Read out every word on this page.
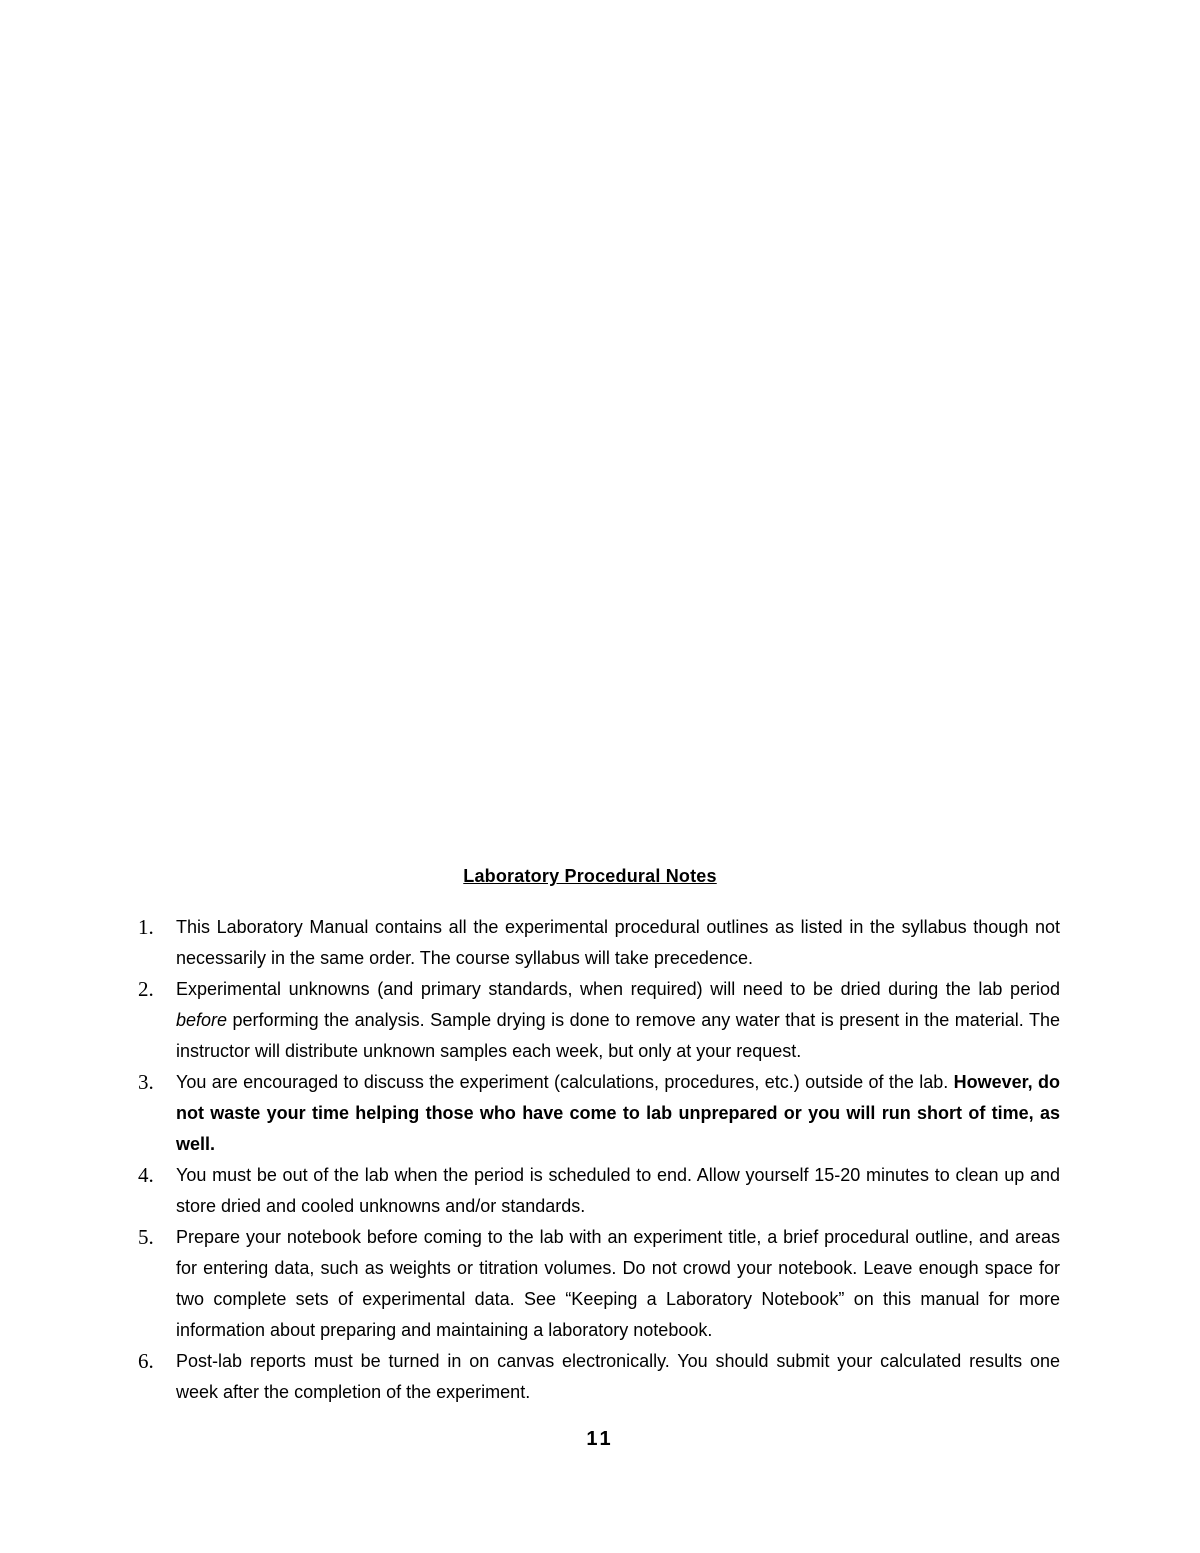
Laboratory Procedural Notes
1. This Laboratory Manual contains all the experimental procedural outlines as listed in the syllabus though not necessarily in the same order. The course syllabus will take precedence.
2. Experimental unknowns (and primary standards, when required) will need to be dried during the lab period before performing the analysis. Sample drying is done to remove any water that is present in the material. The instructor will distribute unknown samples each week, but only at your request.
3. You are encouraged to discuss the experiment (calculations, procedures, etc.) outside of the lab. However, do not waste your time helping those who have come to lab unprepared or you will run short of time, as well.
4. You must be out of the lab when the period is scheduled to end. Allow yourself 15-20 minutes to clean up and store dried and cooled unknowns and/or standards.
5. Prepare your notebook before coming to the lab with an experiment title, a brief procedural outline, and areas for entering data, such as weights or titration volumes. Do not crowd your notebook. Leave enough space for two complete sets of experimental data. See “Keeping a Laboratory Notebook” on this manual for more information about preparing and maintaining a laboratory notebook.
6. Post-lab reports must be turned in on canvas electronically. You should submit your calculated results one week after the completion of the experiment.
11
